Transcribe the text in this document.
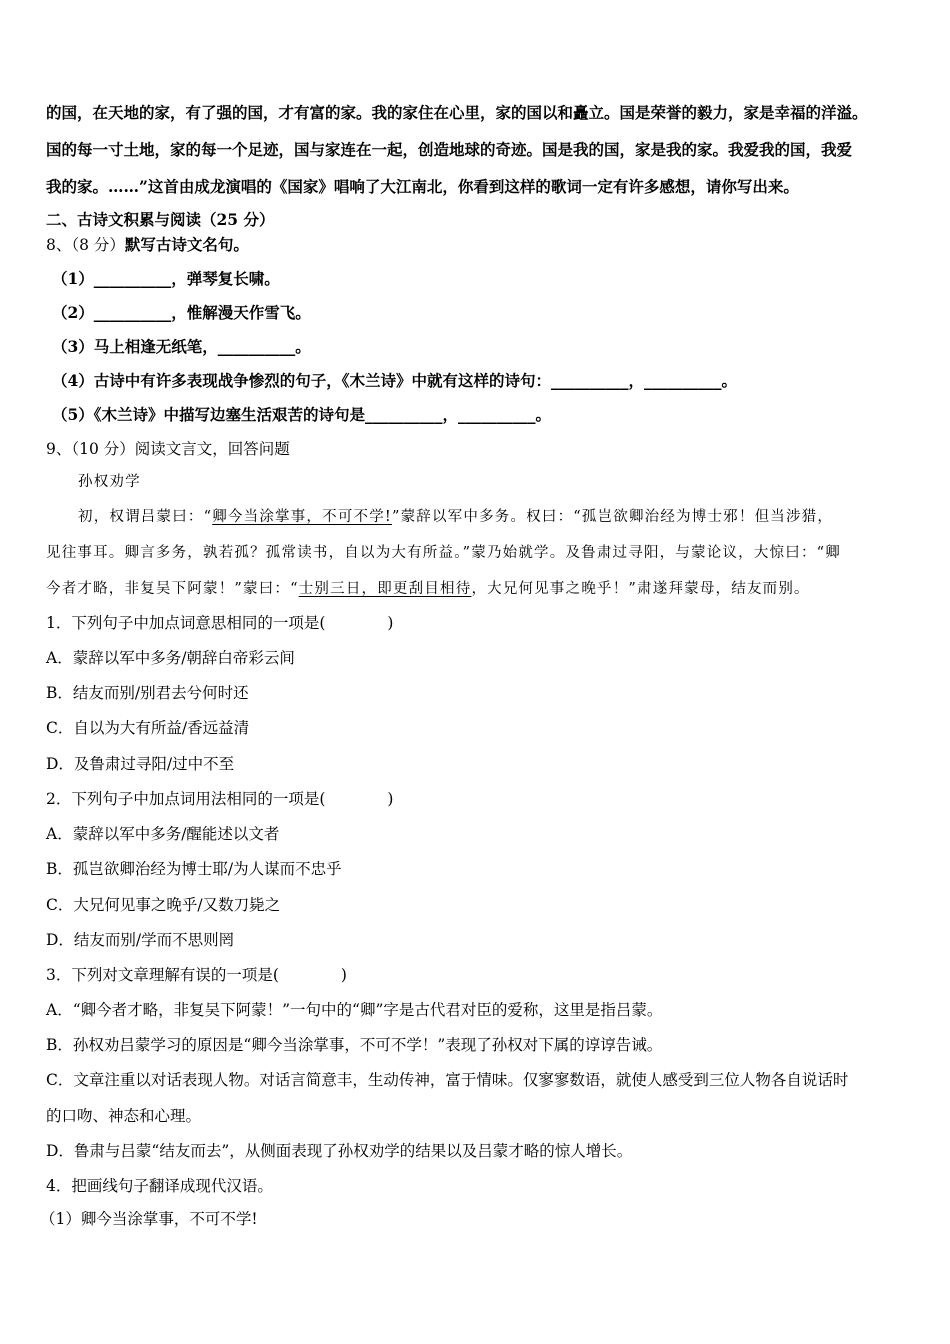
的国，在天地的家，有了强的国，才有富的家。我的家住在心里，家的国以和矗立。国是荣誉的毅力，家是幸福的洋溢。
国的每一寸土地，家的每一个足迹，国与家连在一起，创造地球的奇迹。国是我的国，家是我的家。我爱我的国，我爱
我的家。……”这首由成龙演唱的《国家》唱响了大江南北，你看到这样的歌词一定有许多感想，请你写出来。
二、古诗文积累与阅读（25 分）
8、（8 分）默写古诗文名句。
（1）__________，弹琴复长啸。
（2）__________，惟解漫天作雪飞。
（3）马上相逢无纸笔，__________。
（4）古诗中有许多表现战争惨烈的句子，《木兰诗》中就有这样的诗句：__________，__________。
（5）《木兰诗》中描写边塞生活艰苦的诗句是__________，__________。
9、（10 分）阅读文言文，回答问题
孙权劝学
初，权谓吕蒙曰：“卿今当涂掌事，不可不学!”蒙辞以军中多务。权曰：“孤岂欲卿治经为博士邪！但当涉猎，
见往事耳。卿言多务，孰若孤？孤常读书，自以为大有所益。”蒙乃始就学。及鲁肃过寻阳，与蒙论议，大惊曰：“卿
今者才略，非复吴下阿蒙！”蒙曰：“士别三日，即更刮目相待，大兄何见事之晚乎！”肃遂拜蒙母，结友而别。
1．下列句子中加点词意思相同的一项是(　　　　)
A．蒙辞以军中多务/朝辞白帝彩云间
B．结友而别/别君去兮何时还
C．自以为大有所益/香远益清
D．及鲁肃过寻阳/过中不至
2．下列句子中加点词用法相同的一项是(　　　　)
A．蒙辞以军中多务/醒能述以文者
B．孤岂欲卿治经为博士耶/为人谋而不忠乎
C．大兄何见事之晚乎/又数刀毙之
D．结友而别/学而不思则罔
3．下列对文章理解有误的一项是(　　　　)
A．“卿今者才略，非复吴下阿蒙！”一句中的“卿”字是古代君对臣的爱称，这里是指吕蒙。
B．孙权劝吕蒙学习的原因是“卿今当涂掌事，不可不学！”表现了孙权对下属的谆谆告诫。
C．文章注重以对话表现人物。对话言简意丰，生动传神，富于情味。仅寥寥数语，就使人感受到三位人物各自说话时
的口吻、神态和心理。
D．鲁肃与吕蒙“结友而去”，从侧面表现了孙权劝学的结果以及吕蒙才略的惊人增长。
4．把画线句子翻译成现代汉语。
（1）卿今当涂掌事，不可不学!
